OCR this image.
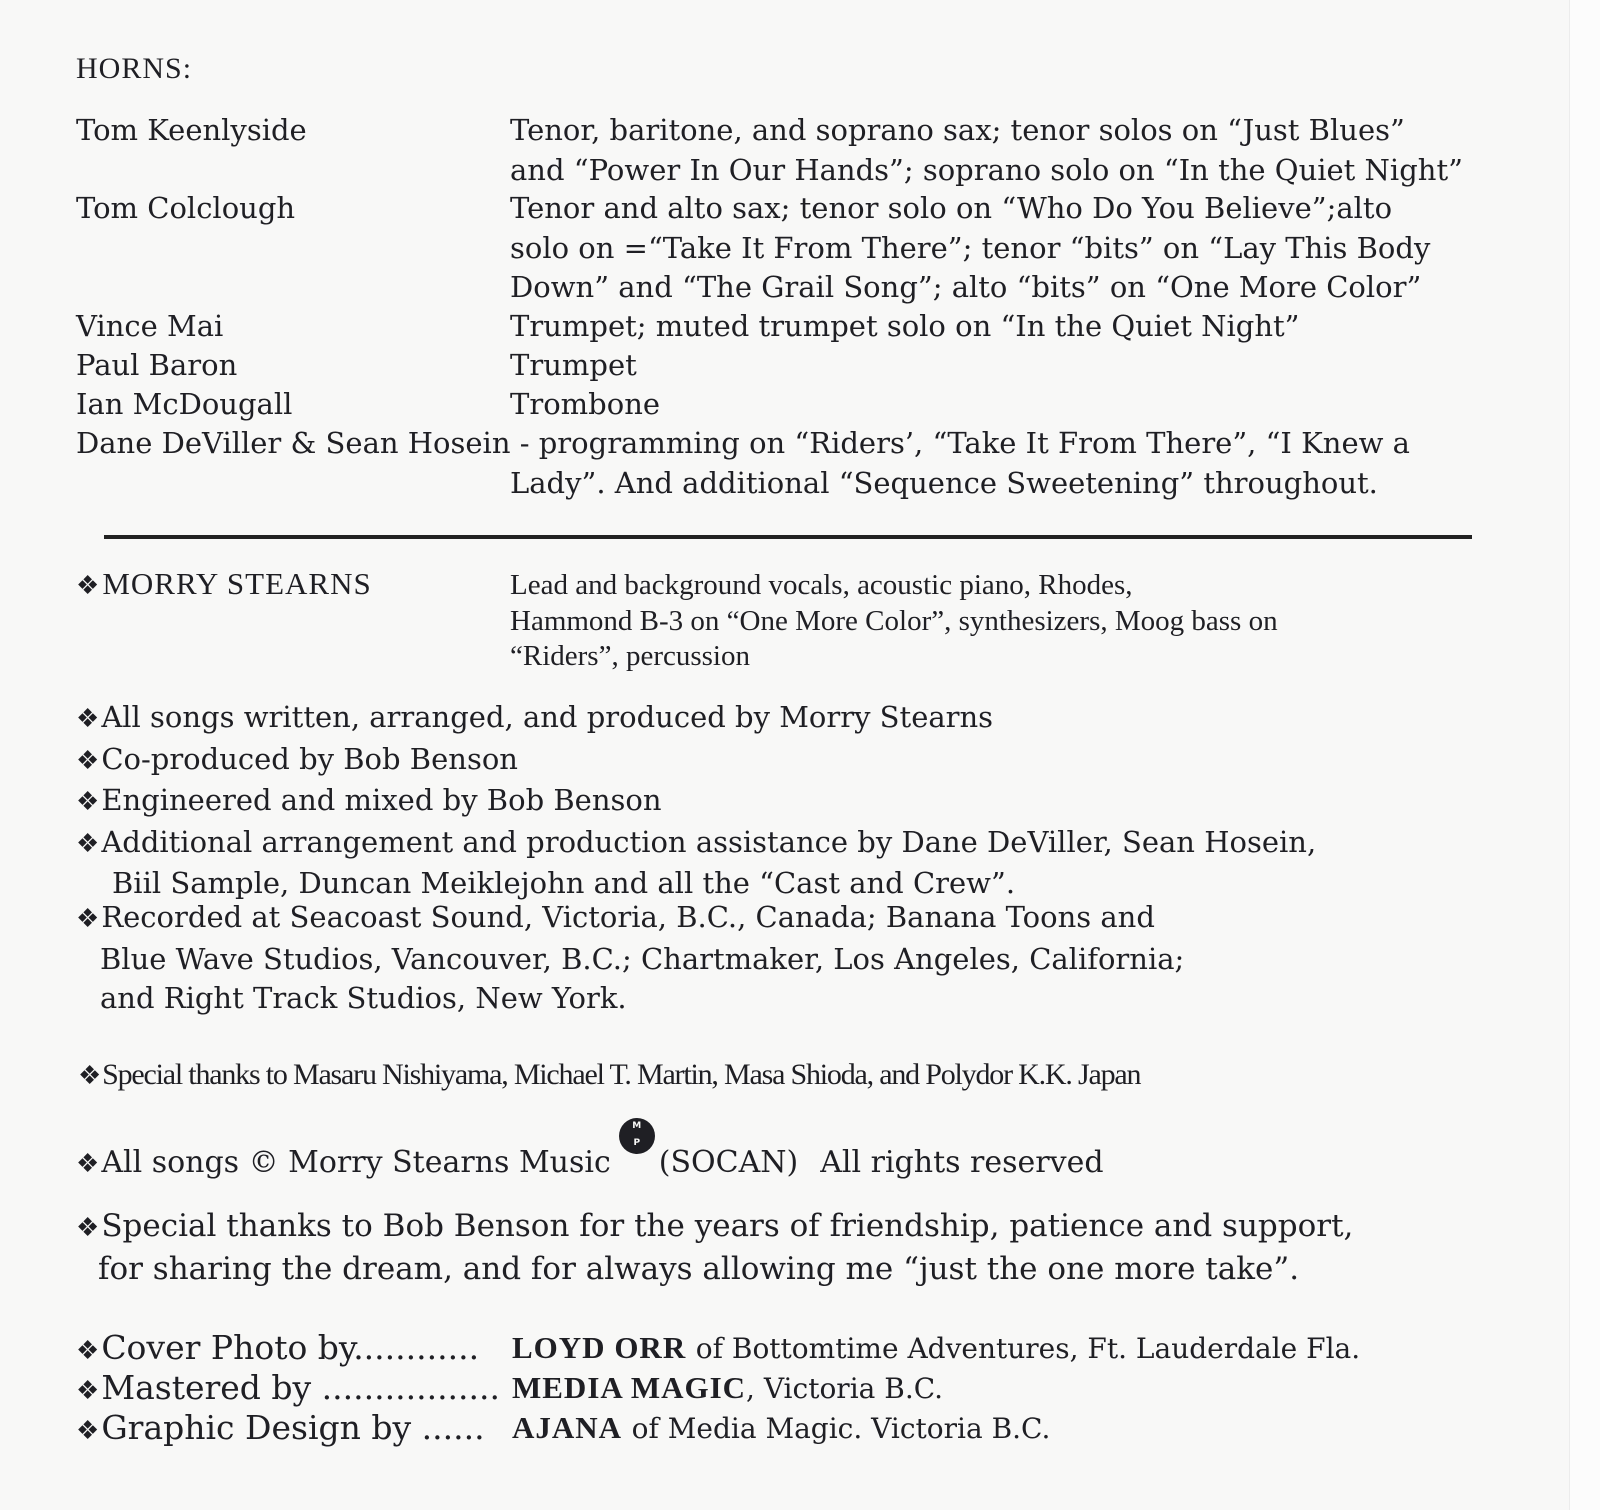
HORNS:
Tom Keenlyside	Tenor, baritone, and soprano sax; tenor solos on “Just Blues”
and “Power In Our Hands”; soprano solo on “In the Quiet Night”
Tom Colclough	Tenor and alto sax; tenor solo on “Who Do You Believe”;alto
solo on =“Take It From There”; tenor “bits” on “Lay This Body
Down” and “The Grail Song”; alto “bits” on “One More Color”
Vince Mai	Trumpet; muted trumpet solo on “In the Quiet Night”
Paul Baron	Trumpet
Ian McDougall	Trombone
Dane DeViller & Sean Hosein - programming on “Riders’, “Take It From There”, “I Knew a
Lady”. And additional “Sequence Sweetening” throughout.
❖MORRY STEARNS	Lead and background vocals, acoustic piano, Rhodes,
Hammond B-3 on “One More Color”, synthesizers, Moog bass on
“Riders”, percussion
❖All songs written, arranged, and produced by Morry Stearns
❖Co-produced by Bob Benson
❖Engineered and mixed by Bob Benson
❖Additional arrangement and production assistance by Dane DeViller, Sean Hosein,
Biil Sample, Duncan Meiklejohn and all the “Cast and Crew”.
❖Recorded at Seacoast Sound, Victoria, B.C., Canada; Banana Toons and
Blue Wave Studios, Vancouver, B.C.; Chartmaker, Los Angeles, California;
and Right Track Studios, New York.
❖Special thanks to Masaru Nishiyama, Michael T. Martin, Masa Shioda, and Polydor K.K. Japan
❖All songs © Morry Stearns Music
M

A
P

L (SOCAN) All rights reserved
❖Special thanks to Bob Benson for the years of friendship, patience and support,
for sharing the dream, and for always allowing me “just the one more take”.
❖Cover Photo by............ LOYD ORR of Bottomtime Adventures, Ft. Lauderdale Fla.
❖Mastered by ................. MEDIA MAGIC, Victoria B.C.
❖Graphic Design by ...... AJANA of Media Magic. Victoria B.C.
